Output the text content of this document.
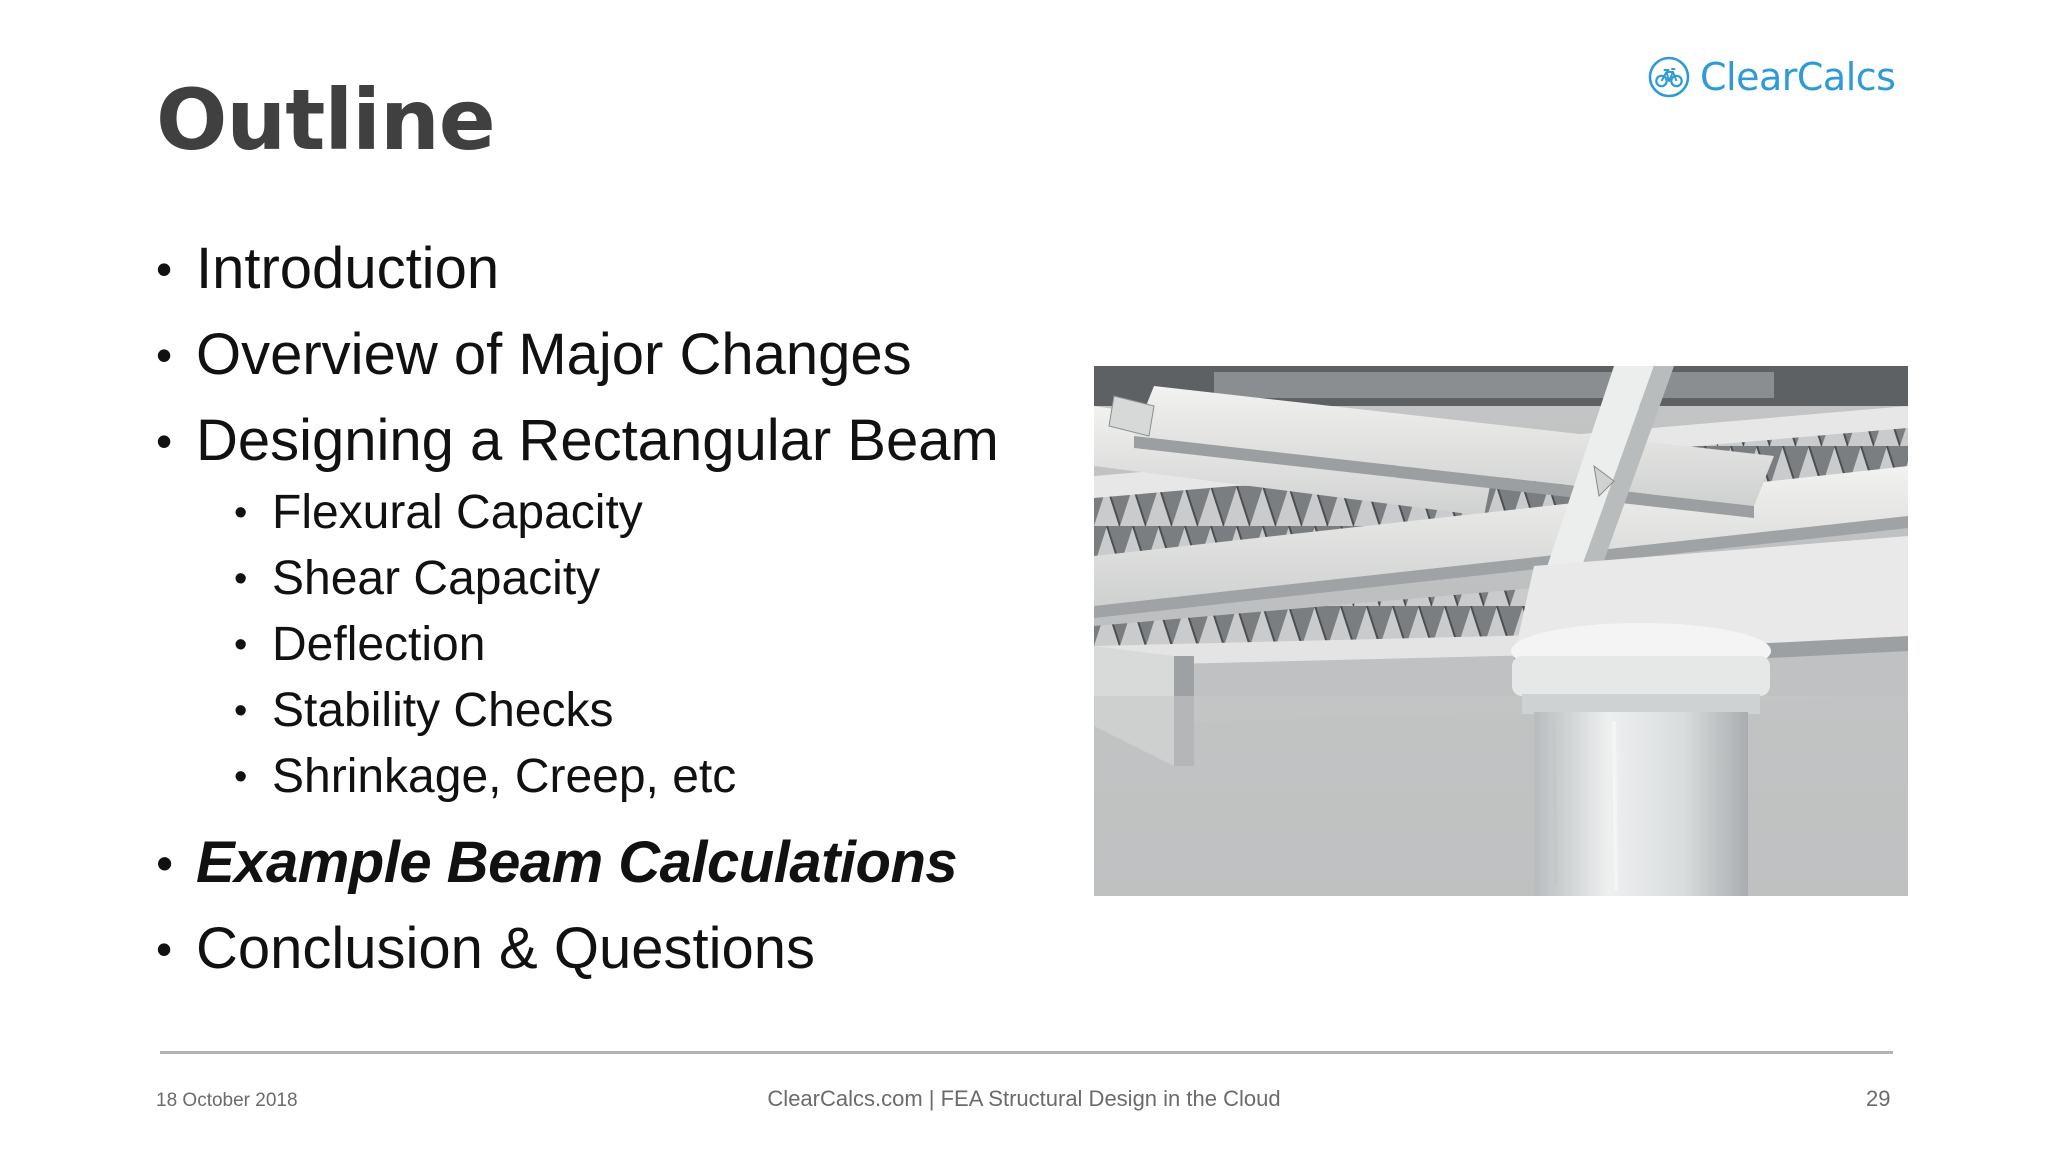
Outline	ClearCalcs
• Introduction
• Overview of Major Changes
• Designing a Rectangular Beam
• Flexural Capacity
• Shear Capacity
• Deflection
• Stability Checks
• Shrinkage, Creep, etc
• Example Beam Calculations
• Conclusion & Questions
18 October 2018	ClearCalcs.com | FEA Structural Design in the Cloud	29
